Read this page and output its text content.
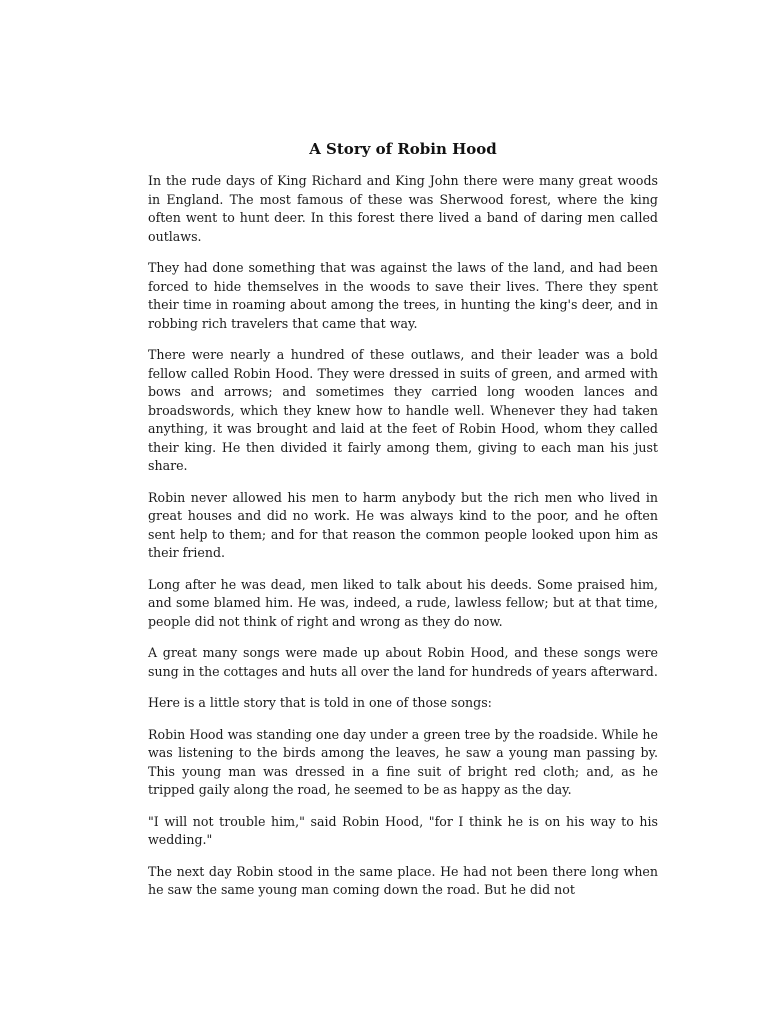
A Story of Robin Hood

In the rude days of King Richard and King John there were many great woods in England. The most famous of these was Sherwood forest, where the king often went to hunt deer. In this forest there lived a band of daring men called outlaws.

They had done something that was against the laws of the land, and had been forced to hide themselves in the woods to save their lives. There they spent their time in roaming about among the trees, in hunting the king's deer, and in robbing rich travelers that came that way.

There were nearly a hundred of these outlaws, and their leader was a bold fellow called Robin Hood. They were dressed in suits of green, and armed with bows and arrows; and sometimes they carried long wooden lances and broadswords, which they knew how to handle well. Whenever they had taken anything, it was brought and laid at the feet of Robin Hood, whom they called their king. He then divided it fairly among them, giving to each man his just share.

Robin never allowed his men to harm anybody but the rich men who lived in great houses and did no work. He was always kind to the poor, and he often sent help to them; and for that reason the common people looked upon him as their friend.

Long after he was dead, men liked to talk about his deeds. Some praised him, and some blamed him. He was, indeed, a rude, lawless fellow; but at that time, people did not think of right and wrong as they do now.

A great many songs were made up about Robin Hood, and these songs were sung in the cottages and huts all over the land for hundreds of years afterward.

Here is a little story that is told in one of those songs:

Robin Hood was standing one day under a green tree by the roadside. While he was listening to the birds among the leaves, he saw a young man passing by. This young man was dressed in a fine suit of bright red cloth; and, as he tripped gaily along the road, he seemed to be as happy as the day.

"I will not trouble him," said Robin Hood, "for I think he is on his way to his wedding."

The next day Robin stood in the same place. He had not been there long when he saw the same young man coming down the road. But he did not
